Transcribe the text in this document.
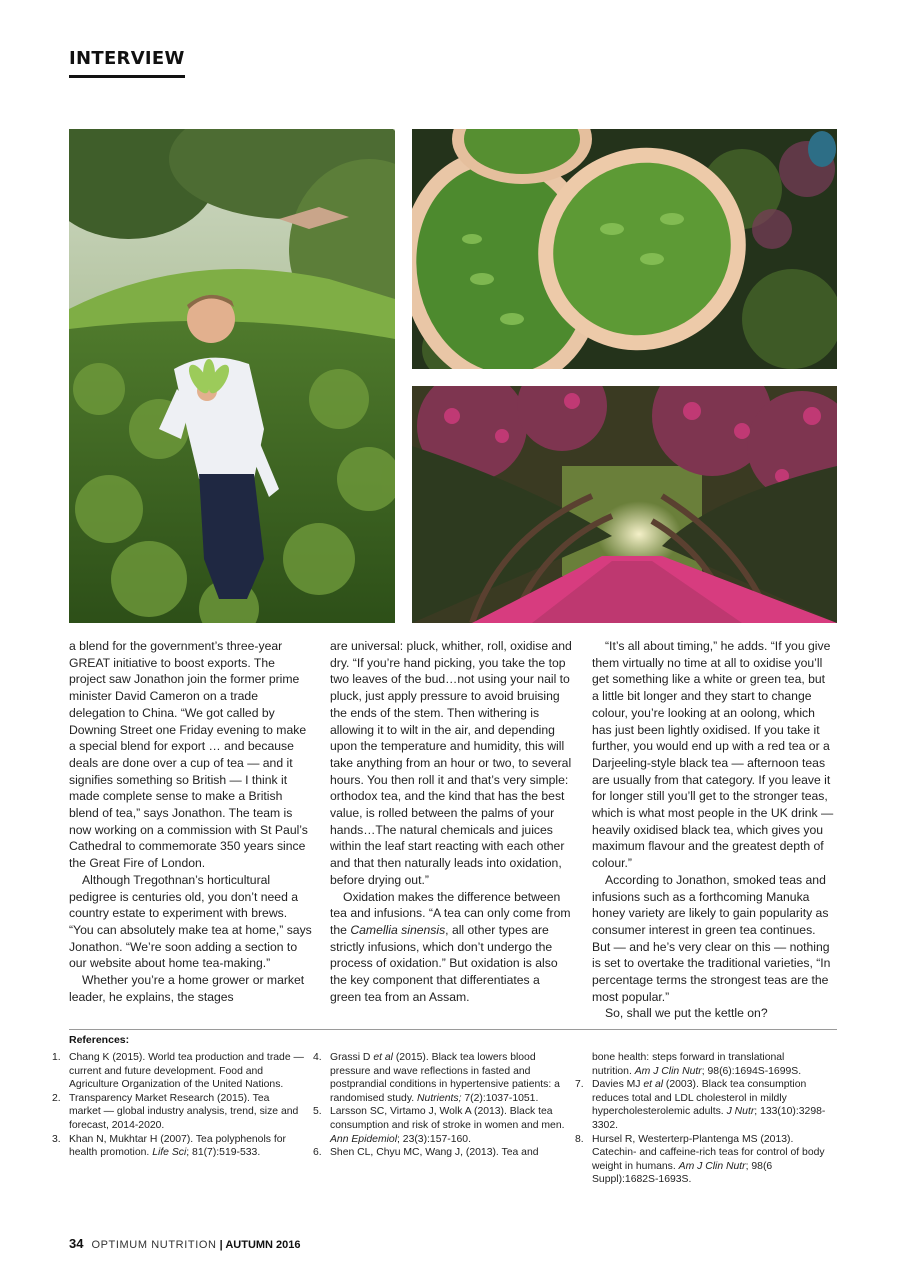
INTERVIEW

a blend for the government’s three-year GREAT initiative to boost exports. The project saw Jonathon join the former prime minister David Cameron on a trade delegation to China. “We got called by Downing Street one Friday evening to make a special blend for export … and because deals are done over a cup of tea — and it signifies something so British — I think it made complete sense to make a British blend of tea,” says Jonathon. The team is now working on a commission with St Paul’s Cathedral to commemorate 350 years since the Great Fire of London.

Although Tregothnan’s horticultural pedigree is centuries old, you don’t need a country estate to experiment with brews. “You can absolutely make tea at home,” says Jonathon. “We’re soon adding a section to our website about home tea-making.”

Whether you’re a home grower or market leader, he explains, the stages

are universal: pluck, whither, roll, oxidise and dry. “If you’re hand picking, you take the top two leaves of the bud…not using your nail to pluck, just apply pressure to avoid bruising the ends of the stem. Then withering is allowing it to wilt in the air, and depending upon the temperature and humidity, this will take anything from an hour or two, to several hours. You then roll it and that’s very simple: orthodox tea, and the kind that has the best value, is rolled between the palms of your hands…The natural chemicals and juices within the leaf start reacting with each other and that then naturally leads into oxidation, before drying out.”

Oxidation makes the difference between tea and infusions. “A tea can only come from the Camellia sinensis, all other types are strictly infusions, which don’t undergo the process of oxidation.” But oxidation is also the key component that differentiates a green tea from an Assam.

“It’s all about timing,” he adds. “If you give them virtually no time at all to oxidise you’ll get something like a white or green tea, but a little bit longer and they start to change colour, you’re looking at an oolong, which has just been lightly oxidised. If you take it further, you would end up with a red tea or a Darjeeling-style black tea — afternoon teas are usually from that category. If you leave it for longer still you’ll get to the stronger teas, which is what most people in the UK drink — heavily oxidised black tea, which gives you maximum flavour and the greatest depth of colour.”

According to Jonathon, smoked teas and infusions such as a forthcoming Manuka honey variety are likely to gain popularity as consumer interest in green tea continues. But — and he’s very clear on this — nothing is set to overtake the traditional varieties, “In percentage terms the strongest teas are the most popular.”

So, shall we put the kettle on?

References:
1. Chang K (2015). World tea production and trade — current and future development. Food and Agriculture Organization of the United Nations.
2. Transparency Market Research (2015). Tea market — global industry analysis, trend, size and forecast, 2014-2020.
3. Khan N, Mukhtar H (2007). Tea polyphenols for health promotion. Life Sci; 81(7):519-533.
4. Grassi D et al (2015). Black tea lowers blood pressure and wave reflections in fasted and postprandial conditions in hypertensive patients: a randomised study. Nutrients; 7(2):1037-1051.
5. Larsson SC, Virtamo J, Wolk A (2013). Black tea consumption and risk of stroke in women and men. Ann Epidemiol; 23(3):157-160.
6. Shen CL, Chyu MC, Wang J, (2013). Tea and
bone health: steps forward in translational nutrition. Am J Clin Nutr; 98(6):1694S-1699S.
7. Davies MJ et al (2003). Black tea consumption reduces total and LDL cholesterol in mildly hypercholesterolemic adults. J Nutr; 133(10):3298-3302.
8. Hursel R, Westerterp-Plantenga MS (2013). Catechin- and caffeine-rich teas for control of body weight in humans. Am J Clin Nutr; 98(6 Suppl):1682S-1693S.
34 OPTIMUM NUTRITION | AUTUMN 2016
